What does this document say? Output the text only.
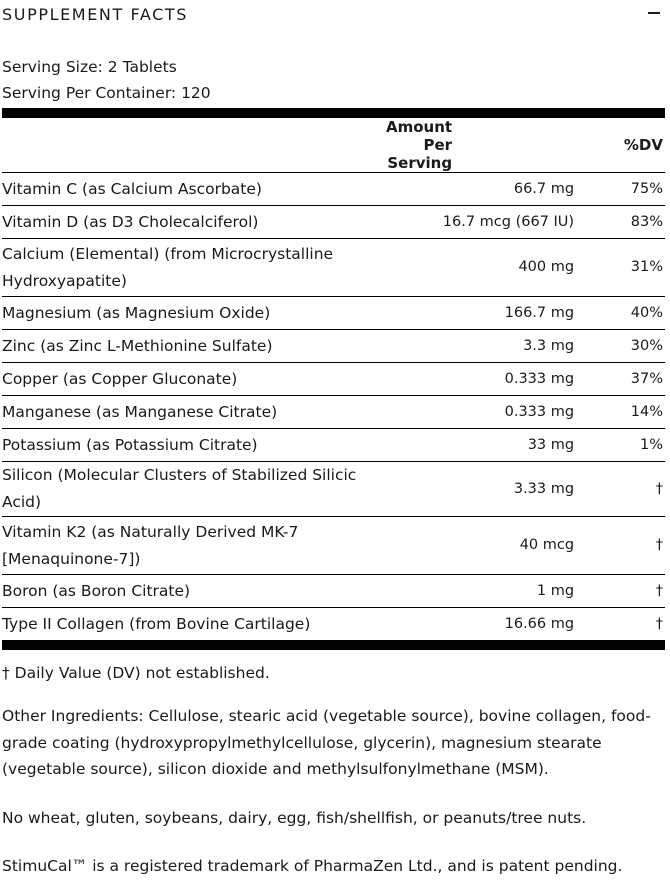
SUPPLEMENT FACTS
Serving Size: 2 Tablets
Serving Per Container: 120
	Amount Per Serving	%DV
Vitamin C (as Calcium Ascorbate)	66.7 mg	75%
Vitamin D (as D3 Cholecalciferol)	16.7 mcg (667 IU)	83%
Calcium (Elemental) (from Microcrystalline Hydroxyapatite)	400 mg	31%
Magnesium (as Magnesium Oxide)	166.7 mg	40%
Zinc (as Zinc L-Methionine Sulfate)	3.3 mg	30%
Copper (as Copper Gluconate)	0.333 mg	37%
Manganese (as Manganese Citrate)	0.333 mg	14%
Potassium (as Potassium Citrate)	33 mg	1%
Silicon (Molecular Clusters of Stabilized Silicic Acid)	3.33 mg	†
Vitamin K2 (as Naturally Derived MK-7 [Menaquinone-7])	40 mcg	†
Boron (as Boron Citrate)	1 mg	†
Type II Collagen (from Bovine Cartilage)	16.66 mg	†
† Daily Value (DV) not established.
Other Ingredients: Cellulose, stearic acid (vegetable source), bovine collagen, food-grade coating (hydroxypropylmethylcellulose, glycerin), magnesium stearate (vegetable source), silicon dioxide and methylsulfonylmethane (MSM).
No wheat, gluten, soybeans, dairy, egg, fish/shellfish, or peanuts/tree nuts.
StimuCal™ is a registered trademark of PharmaZen Ltd., and is patent pending.
